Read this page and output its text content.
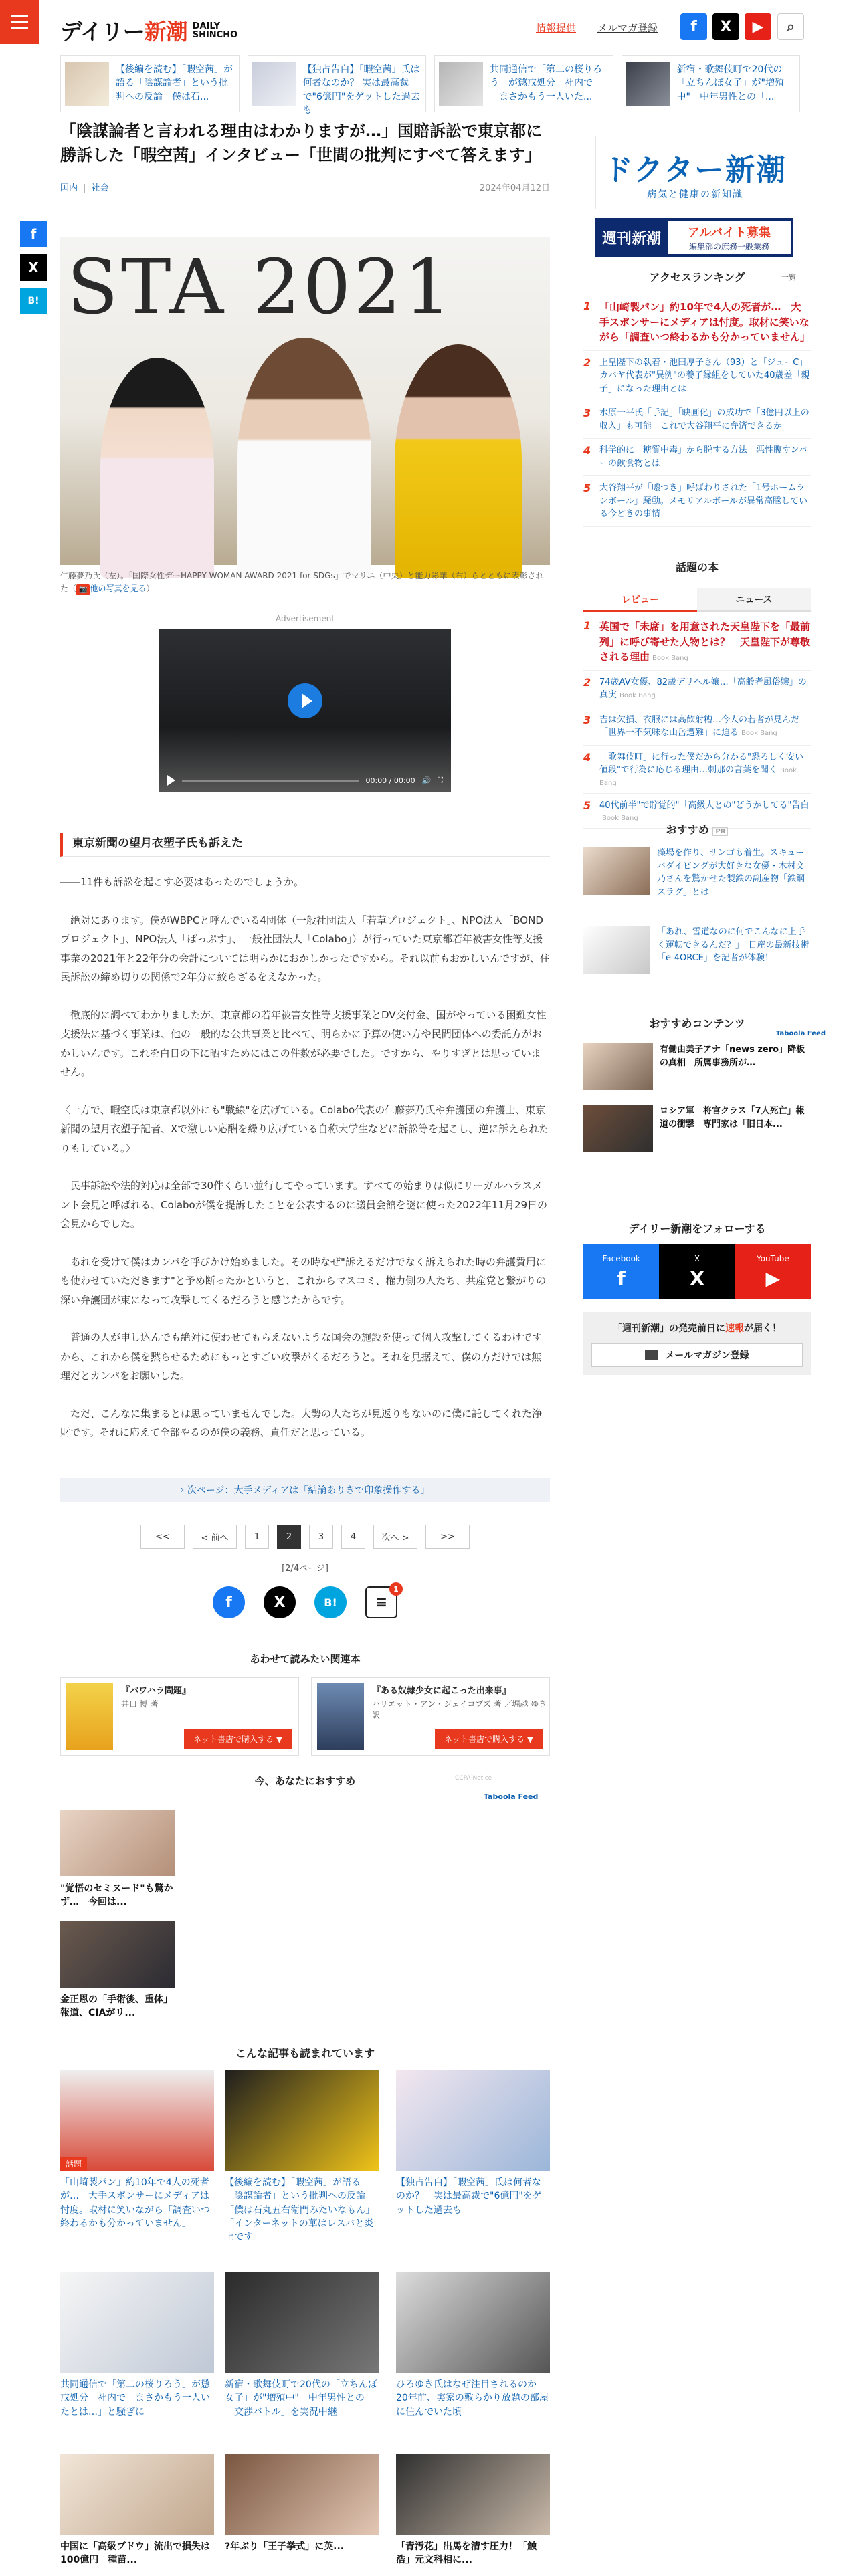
デイリー新潮 DAILY
SHINCHO
情報提供 メルマガ登録	f	X	▶	⌕
【後編を読む】「暇空茜」が語る「陰謀論者」という批判への反論「僕は石...
【独占告白】「暇空茜」氏は何者なのか？ 実は最高裁で"6億円"をゲットした過去も
共同通信で「第二の桜りろう」が懲戒処分　社内で「まさかもう一人いた...
新宿・歌舞伎町で20代の「立ちんぼ女子」が"増殖中"　中年男性との「...
f
X
B!
「陰謀論者と言われる理由はわかりますが…」国賠訴訟で東京都に勝訴した「暇空茜」インタビュー「世間の批判にすべて答えます」
国内 | 社会	2024年04月12日
STA 2021
仁藤夢乃氏（左）。「国際女性デーHAPPY WOMAN AWARD 2021 for SDGs」でマリエ（中央）と能力彩華（右）らとともに表彰された（ 📷 他の写真を見る）
Advertisement
00:00 / 00:00 🔊 ⛶
東京新聞の望月衣塑子氏も訴えた

――11件も訴訟を起こす必要はあったのでしょうか。

　絶対にあります。僕がWBPCと呼んでいる4団体（一般社団法人「若草プロジェクト」、NPO法人「BONDプロジェクト」、NPO法人「ぱっぷす」、一般社団法人「Colabo」）が行っていた東京都若年被害女性等支援事業の2021年と22年分の会計については明らかにおかしかったですから。それ以前もおかしいんですが、住民訴訟の締め切りの関係で2年分に絞らざるをえなかった。

　徹底的に調べてわかりましたが、東京都の若年被害女性等支援事業とDV交付金、国がやっている困難女性支援法に基づく事業は、他の一般的な公共事業と比べて、明らかに予算の使い方や民間団体への委託方がおかしいんです。これを白日の下に晒すためにはこの件数が必要でした。ですから、やりすぎとは思っていません。

〈一方で、暇空氏は東京都以外にも"戦線"を広げている。Colabo代表の仁藤夢乃氏や弁護団の弁護士、東京新聞の望月衣塑子記者、Xで激しい応酬を繰り広げている自称大学生などに訴訟等を起こし、逆に訴えられたりもしている。〉

　民事訴訟や法的対応は全部で30件くらい並行してやっています。すべての始まりは似にリーガルハラスメント会見と呼ばれる、Colaboが僕を提訴したことを公表するのに議員会館を謎に使った2022年11月29日の会見からでした。

　あれを受けて僕はカンパを呼びかけ始めました。その時なぜ"訴えるだけでなく訴えられた時の弁護費用にも使わせていただきます"と予め断ったかというと、これからマスコミ、権力側の人たち、共産党と繋がりの深い弁護団が束になって攻撃してくるだろうと感じたからです。

　普通の人が申し込んでも絶対に使わせてもらえないような国会の施設を使って個人攻撃してくるわけですから、これから僕を黙らせるためにもっとすごい攻撃がくるだろうと。それを見据えて、僕の方だけでは無理だとカンパをお願いした。

　ただ、こんなに集まるとは思っていませんでした。大勢の人たちが見返りもないのに僕に託してくれた浄財です。それに応えて全部やるのが僕の義務、責任だと思っている。

› 次ページ：大手メディアは「結論ありきで印象操作する」
<<	< 前へ	1	2	3	4	次へ >	>>
[2/4ページ]
f	X	B!	≡
1
あわせて読みたい関連本
『パワハラ問題』
井口 博 著
ネット書店で購入する ▼
『ある奴隷少女に起こった出来事』
ハリエット・アン・ジェイコブズ 著 ／堀越 ゆき 訳
ネット書店で購入する ▼
今、あなたにおすすめ	CCPA Notice
Taboola Feed
"覚悟のセミヌード"も驚かず…　今回は...
金正恩の「手術後、重体」報道、CIAがリ...
こんな記事も読まれています
話題
「山崎製パン」約10年で4人の死者が…　大手スポンサーにメディアは忖度。取材に笑いながら「調査いつ終わるかも分かっていません」
【後編を読む】「暇空茜」が語る「陰謀論者」という批判への反論「僕は石丸五右衛門みたいなもん」「インターネットの華はレスバと炎上です」
【独占告白】「暇空茜」氏は何者なのか？　実は最高裁で"6億円"をゲットした過去も
共同通信で「第二の桜りろう」が懲戒処分　社内で「まさかもう一人いたとは…」と騒ぎに
新宿・歌舞伎町で20代の「立ちんぼ女子」が"増殖中"　中年男性との「交渉バトル」を実況中継
ひろゆき氏はなぜ注目されるのか　20年前、実家の敷らかり放題の部屋に住んでいた頃
中国に「高級ブドウ」流出で損失は100億円　種苗...
?年ぶり「王子挙式」に英...	「青汚花」出馬を清す圧力！「触浩」元文科相に...
ドクター新潮
病気と健康の新知識
週刊新潮	アルバイト募集
編集部の庶務一般業務
アクセスランキング	一覧
1 「山崎製パン」約10年で4人の死者が…　大手スポンサーにメディアは忖度。取材に笑いながら「調査いつ終わるかも分かっていません」
2 上皇陛下の執着・池田厚子さん（93）と「ジューC」カバヤ代表が"異例"の養子縁組をしていた40歳差「親子」になった理由とは
3 水原一平氏「手記」「映画化」の成功で「3億円以上の収入」も可能　これで大谷翔平に弁済できるか
4 科学的に「糖質中毒」から脱する方法　悪性腹すンバーの飲食物とは
5 大谷翔平が「嘘つき」呼ばわりされた「1号ホームランボール」騒動。メモリアルボールが異常高騰している今どきの事情
話題の本
レビュー	ニュース
1 英国で「未席」を用意された天皇陛下を「最前列」に呼び寄せた人物とは？　天皇陛下が尊敬される理由 Book Bang
2 74歳AV女優、82歳デリヘル嬢…「高齢者風俗嬢」の真実 Book Bang
3 吉は欠損、衣服には高飲射糟…今人の若者が見んだ「世界一不気味な山岳遭難」に迫る Book Bang
4 「歌舞伎町」に行った僕だから分かる"恐ろしく安い値段"で行為に応じる理由…刺那の言葉を聞く Book Bang
5 40代前半"で貯覚的"「高級人との"どうかしてる"告白Book Bang
おすすめ PR
藻場を作り、サンゴも着生。スキューバダイビングが大好きな女優・木村文乃さんを驚かせた製鉄の副産物「鉄鋼スラグ」とは
「あれ、雪道なのに何でこんなに上手く運転できるんだ？」　日産の最新技術「e-4ORCE」を記者が体験！
おすすめコンテンツ
Taboola Feed
有働由美子アナ「news zero」降板の真相　所属事務所が…
ロシア軍　将官クラス「7人死亡」報道の衝撃　専門家は「旧日本...
デイリー新潮をフォローする
Facebook
f
X
X
YouTube
▶
「週刊新潮」の発売前日に速報が届く！
メールマガジン登録
